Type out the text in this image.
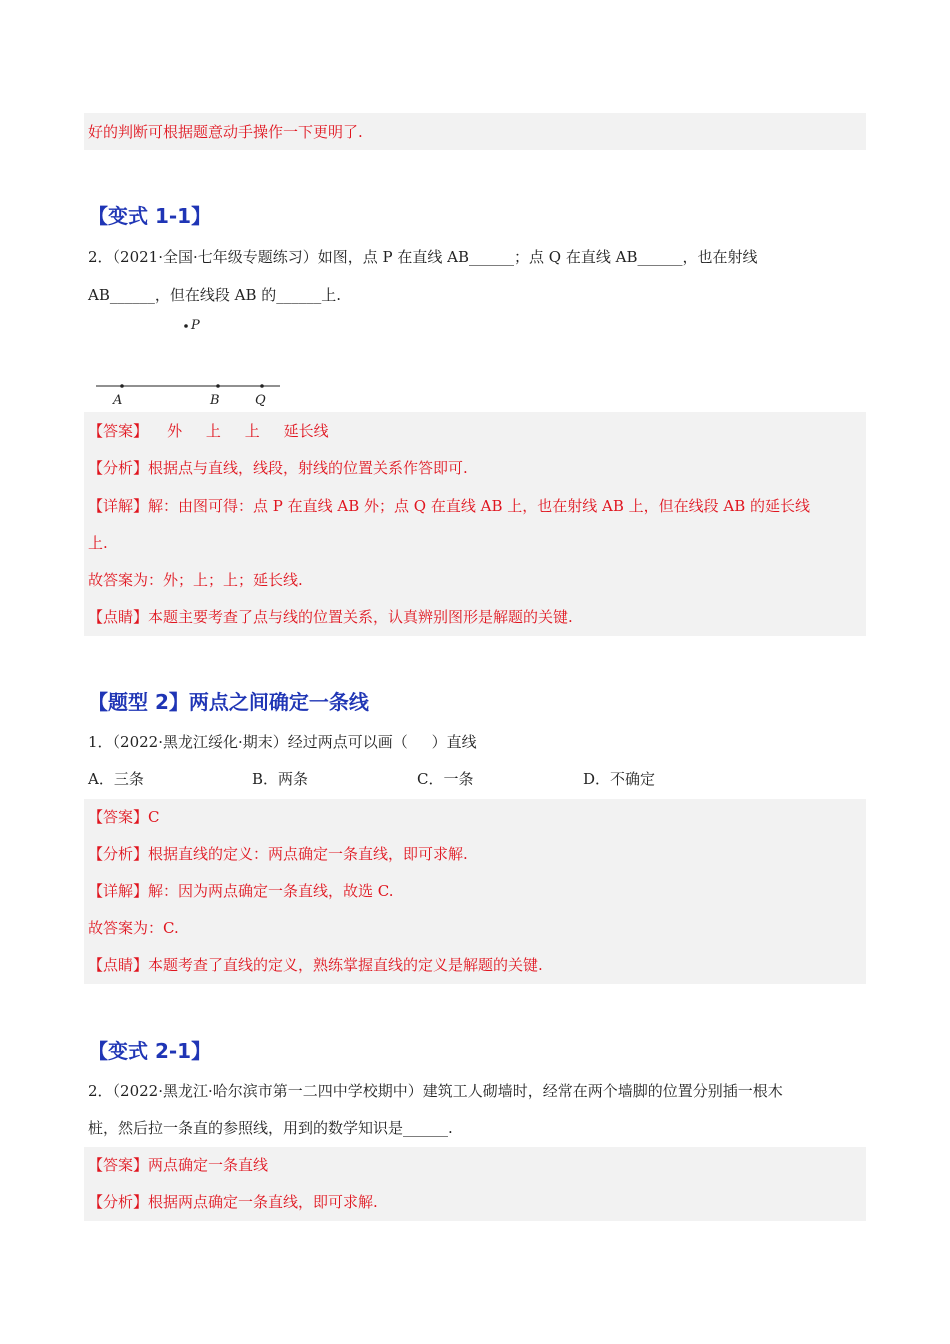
好的判断可根据题意动手操作一下更明了.
【变式 1-1】
2．（2021·全国·七年级专题练习）如图，点 P 在直线 AB______；点 Q 在直线 AB______，也在射线
AB______，但在线段 AB 的______上.
P
A	B	Q
【答案】    外     上     上     延长线
【分析】根据点与直线，线段，射线的位置关系作答即可.
【详解】解：由图可得：点 P 在直线 AB 外；点 Q 在直线 AB 上，也在射线 AB 上，但在线段 AB 的延长线
上.
故答案为：外；上；上；延长线.
【点睛】本题主要考查了点与线的位置关系，认真辨别图形是解题的关键.
【题型 2】两点之间确定一条线
1．（2022·黑龙江绥化·期末）经过两点可以画（     ）直线
A．三条	B．两条	C．一条	D．不确定
【答案】C
【分析】根据直线的定义：两点确定一条直线，即可求解.
【详解】解：因为两点确定一条直线，故选 C.
故答案为：C.
【点睛】本题考查了直线的定义，熟练掌握直线的定义是解题的关键.
【变式 2-1】
2．（2022·黑龙江·哈尔滨市第一二四中学校期中）建筑工人砌墙时，经常在两个墙脚的位置分别插一根木
桩，然后拉一条直的参照线，用到的数学知识是______.
【答案】两点确定一条直线
【分析】根据两点确定一条直线，即可求解.
